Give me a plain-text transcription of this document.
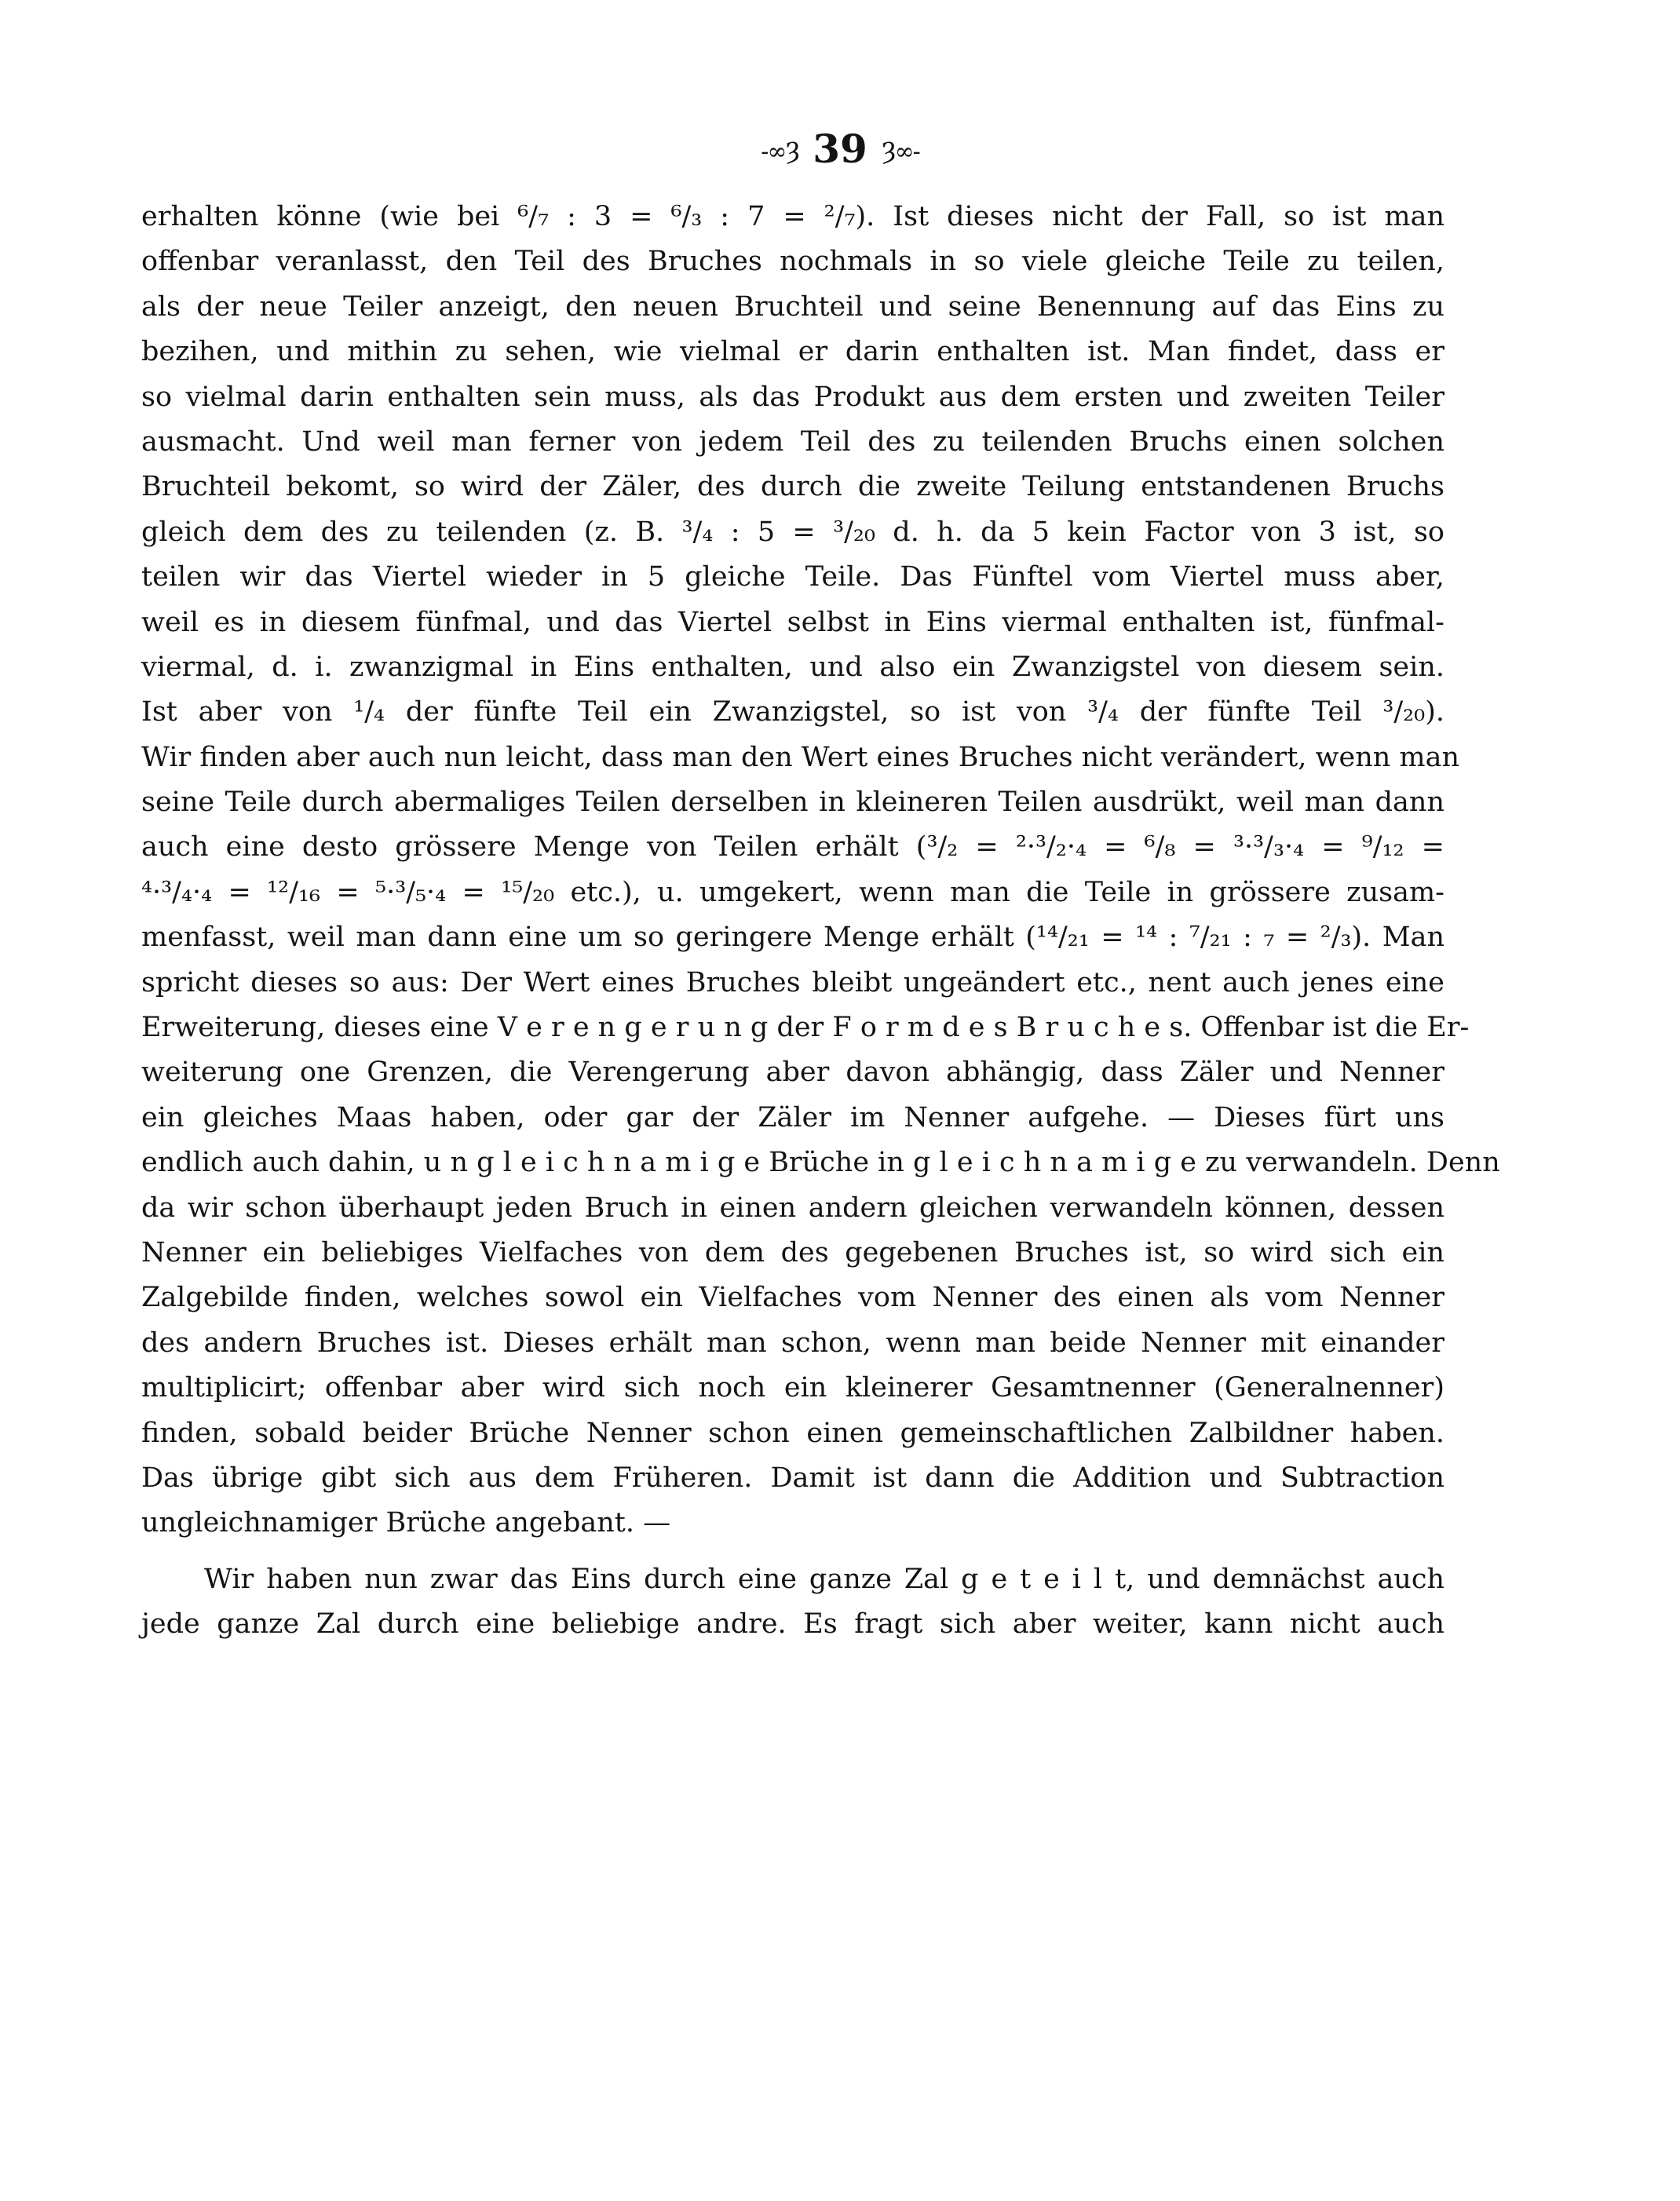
-∞Ȝ 39 Ȝ∞-
erhalten könne (wie bei ⁶/₇ : 3 = ⁶/₃ : 7 = ²/₇). Ist dieses nicht der Fall, so ist man
offenbar veranlasst, den Teil des Bruches nochmals in so viele gleiche Teile zu teilen,
als der neue Teiler anzeigt, den neuen Bruchteil und seine Benennung auf das Eins zu
bezihen, und mithin zu sehen, wie vielmal er darin enthalten ist. Man findet, dass er
so vielmal darin enthalten sein muss, als das Produkt aus dem ersten und zweiten Teiler
ausmacht. Und weil man ferner von jedem Teil des zu teilenden Bruchs einen solchen
Bruchteil bekomt, so wird der Zäler, des durch die zweite Teilung entstandenen Bruchs
gleich dem des zu teilenden (z. B. ³/₄ : 5 = ³/₂₀ d. h. da 5 kein Factor von 3 ist, so
teilen wir das Viertel wieder in 5 gleiche Teile. Das Fünftel vom Viertel muss aber,
weil es in diesem fünfmal, und das Viertel selbst in Eins viermal enthalten ist, fünfmal-
viermal, d. i. zwanzigmal in Eins enthalten, und also ein Zwanzigstel von diesem sein.
Ist aber von ¹/₄ der fünfte Teil ein Zwanzigstel, so ist von ³/₄ der fünfte Teil ³/₂₀).
Wir finden aber auch nun leicht, dass man den Wert eines Bruches nicht verändert, wenn man
seine Teile durch abermaliges Teilen derselben in kleineren Teilen ausdrükt, weil man dann
auch eine desto grössere Menge von Teilen erhält (³/₂ = ²·³/₂·₄ = ⁶/₈ = ³·³/₃·₄ = ⁹/₁₂ =
⁴·³/₄·₄ = ¹²/₁₆ = ⁵·³/₅·₄ = ¹⁵/₂₀ etc.), u. umgekert, wenn man die Teile in grössere zusam-
menfasst, weil man dann eine um so geringere Menge erhält (¹⁴/₂₁ = ¹⁴ : ⁷/₂₁ : ₇ = ²/₃). Man
spricht dieses so aus: Der Wert eines Bruches bleibt ungeändert etc., nent auch jenes eine
Erweiterung, dieses eine V e r e n g e r u n g der F o r m d e s B r u c h e s. Offenbar ist die Er-
weiterung one Grenzen, die Verengerung aber davon abhängig, dass Zäler und Nenner
ein gleiches Maas haben, oder gar der Zäler im Nenner aufgehe. — Dieses fürt uns
endlich auch dahin, u n g l e i c h n a m i g e Brüche in g l e i c h n a m i g e zu verwandeln. Denn
da wir schon überhaupt jeden Bruch in einen andern gleichen verwandeln können, dessen
Nenner ein beliebiges Vielfaches von dem des gegebenen Bruches ist, so wird sich ein
Zalgebilde finden, welches sowol ein Vielfaches vom Nenner des einen als vom Nenner
des andern Bruches ist. Dieses erhält man schon, wenn man beide Nenner mit einander
multiplicirt; offenbar aber wird sich noch ein kleinerer Gesamtnenner (Generalnenner)
finden, sobald beider Brüche Nenner schon einen gemeinschaftlichen Zalbildner haben.
Das übrige gibt sich aus dem Früheren. Damit ist dann die Addition und Subtraction
ungleichnamiger Brüche angebant. —
Wir haben nun zwar das Eins durch eine ganze Zal g e t e i l t, und demnächst auch
jede ganze Zal durch eine beliebige andre. Es fragt sich aber weiter, kann nicht auch
